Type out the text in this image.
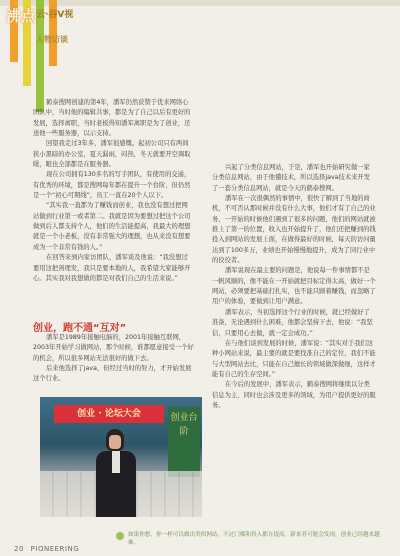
沸点 云·谷V视
人物访谈

鹤泰搜网创建的第4年，潘军仍然获赞于优来网络心团队中，当时他的编辑共事，都是为了自己以后有更好的发展，选择离职，当时老板得知潘军离职是为了创业，还送他一些服务器，以示支持。

回望我走过3年多，潘军很感慨。起初公司只有两间狭小黑暗的办公室，夏天漏雨，闷热，冬天就要开空调取暖，眼也全部都是在服务器。

现在公司拥有130多名的写手团队，有使用的交通，有优秀的环境，都是搜网每年都在提升一个台阶，但仍然是一个“初心可期线”，员工一直在20个人以下。

“其实我一直都为了赚钱而创业，我也没有想过把网站做到行业第一或者第二。我就是因为要想过把这个公司做到后人都支持个人，他们的生活能提高，我最大的理想就是一个小老板，没有非常强大的理想，也从来没有想要成为一个非常有钱的人。”

在回答来到内家访团队，潘军谈及他说：“我没想过要用这把剑理发，我只是要本地的人，我希望大家能够开心。其实我对我想做的都是对我们自己的生活来说。”

创业，跑不通“互对”

潘军是1989年接触电脑的，2001年接触互联网，2003年开始学习做网站，那个时候，谁都愿意接受一个好的机会，所以很多网站无法很好的做下去。

后来他选择了java，但经过当时的努力，才开始发展这个行业。

创业 · 论坛大会	创业台阶

兴起了分类信息网站，于是，潘军也开始研究做一家分类信息网站，由于他懂技术，所以选择java技术来开发了一套分类信息网站，就是今天的鹤泰搜网。

潘军在一次很偶然的事情中，很快了解到了当地的商机，不可否认那时候并没有什么大事，他们才有了自己的业务，一开始的时候他们遇到了很多的问题，他们的网站就被推上了第一的位置，收入也开始提升了，他们还把赚到的钱投入到网站的发展上面，在做得最好的时候，每天的访问量达到了100多万，业绩也开始慢慢地提升，成为了同行业中的佼佼者。

潘军说现在最主要的问题是，他说每一件事情都不是一帆风顺的，像不能在一开始就把目标定得太高，做好一个网站，必须要把基础打扎实，也不能只顾着赚钱，而忽略了用户的体验，要做到让用户满意。

潘军表示，当初选择这个行业的时候，就已经做好了准备，无论遇到什么困难，他都会坚持下去，他说：“我坚信，只要用心去做，就一定会成功。”

在与他们谈到发展的时候，潘军说：“其实对于我们这种小网站来说，最主要的就是要找准自己的定位，我们不能与大型网站去比，只能在自己擅长的领域做深做细，这样才能有自己的生存空间。”

在今后的发展中，潘军表示，鹤泰搜网将继续以分类信息为主，同时也会涉及更多的领域，为用户提供更好的服务。

如果你想，你一样可以做出类似网站，不过门槛和投入都在提高，新来者可能会发现，创业已经越来越难。
20 PIONEERING
